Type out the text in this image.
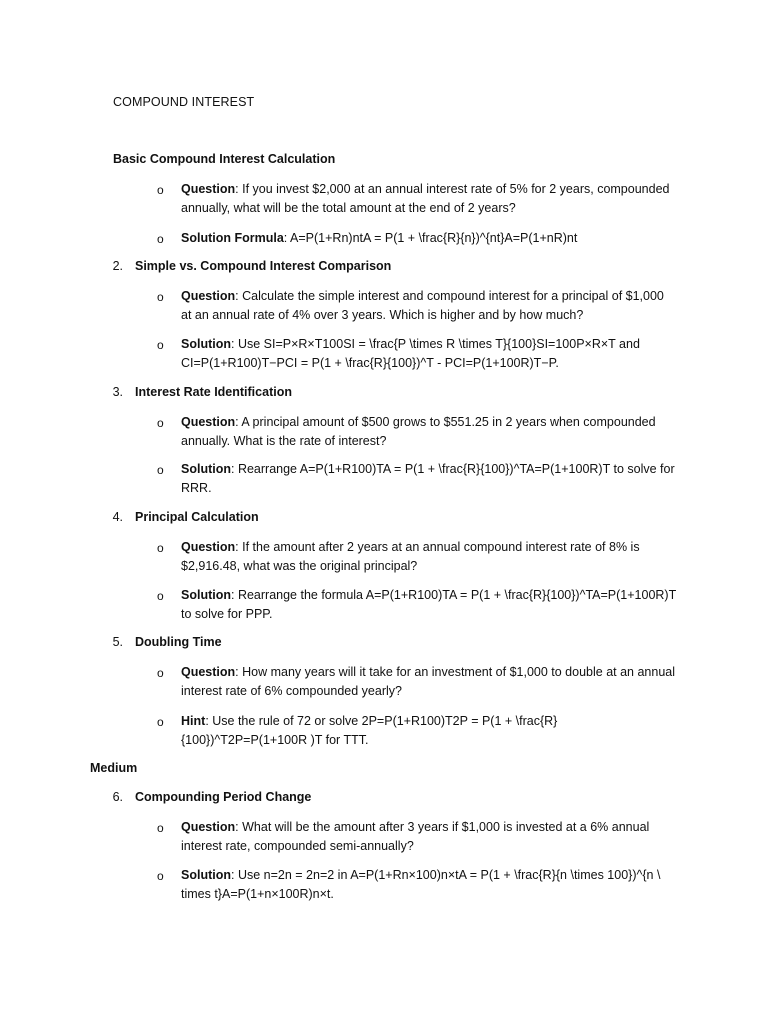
COMPOUND INTEREST
Basic Compound Interest Calculation
o Question: If you invest $2,000 at an annual interest rate of 5% for 2 years, compounded annually, what will be the total amount at the end of 2 years?
o Solution Formula: A=P(1+Rn)ntA = P(1 + \frac{R}{n})^{nt}A=P(1+nR)nt
2. Simple vs. Compound Interest Comparison
o Question: Calculate the simple interest and compound interest for a principal of $1,000 at an annual rate of 4% over 3 years. Which is higher and by how much?
o Solution: Use SI=P×R×T100SI = \frac{P \times R \times T}{100}SI=100P×R×T and CI=P(1+R100)T−PCI = P(1 + \frac{R}{100})^T - PCI=P(1+100R)T−P.
3. Interest Rate Identification
o Question: A principal amount of $500 grows to $551.25 in 2 years when compounded annually. What is the rate of interest?
o Solution: Rearrange A=P(1+R100)TA = P(1 + \frac{R}{100})^TA=P(1+100R)T to solve for RRR.
4. Principal Calculation
o Question: If the amount after 2 years at an annual compound interest rate of 8% is $2,916.48, what was the original principal?
o Solution: Rearrange the formula A=P(1+R100)TA = P(1 + \frac{R}{100})^TA=P(1+100R)T to solve for PPP.
5. Doubling Time
o Question: How many years will it take for an investment of $1,000 to double at an annual interest rate of 6% compounded yearly?
o Hint: Use the rule of 72 or solve 2P=P(1+R100)T2P = P(1 + \frac{R}{100})^T2P=P(1+100R )T for TTT.
Medium
6. Compounding Period Change
o Question: What will be the amount after 3 years if $1,000 is invested at a 6% annual interest rate, compounded semi-annually?
o Solution: Use n=2n = 2n=2 in A=P(1+Rn×100)n×tA = P(1 + \frac{R}{n \times 100})^{n \ times t}A=P(1+n×100R)n×t.
